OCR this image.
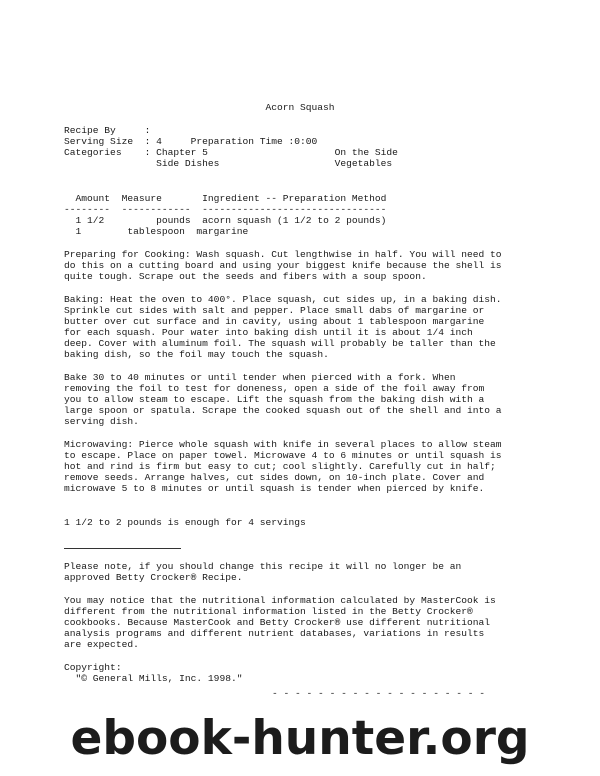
Acorn Squash

Recipe By     :
Serving Size  : 4     Preparation Time :0:00
Categories    : Chapter 5                      On the Side
Side Dishes                    Vegetables
Amount  Measure       Ingredient -- Preparation Method
--------  ------------  --------------------------------
1 1/2         pounds  acorn squash (1 1/2 to 2 pounds)
1        tablespoon  margarine

Preparing for Cooking: Wash squash. Cut lengthwise in half. You will need to do this on a cutting board and using your biggest knife because the shell is quite tough. Scrape out the seeds and fibers with a soup spoon.

Baking: Heat the oven to 400°. Place squash, cut sides up, in a baking dish. Sprinkle cut sides with salt and pepper. Place small dabs of margarine or butter over cut surface and in cavity, using about 1 tablespoon margarine for each squash. Pour water into baking dish until it is about 1/4 inch deep. Cover with aluminum foil. The squash will probably be taller than the baking dish, so the foil may touch the squash.

Bake 30 to 40 minutes or until tender when pierced with a fork. When removing the foil to test for doneness, open a side of the foil away from you to allow steam to escape. Lift the squash from the baking dish with a large spoon or spatula. Scrape the cooked squash out of the shell and into a serving dish.

Microwaving: Pierce whole squash with knife in several places to allow steam to escape. Place on paper towel. Microwave 4 to 6 minutes or until squash is hot and rind is firm but easy to cut; cool slightly. Carefully cut in half; remove seeds. Arrange halves, cut sides down, on 10-inch plate. Cover and microwave 5 to 8 minutes or until squash is tender when pierced by knife.

1 1/2 to 2 pounds is enough for 4 servings

Please note, if you should change this recipe it will no longer be an approved Betty Crocker® Recipe.

You may notice that the nutritional information calculated by MasterCook is different from the nutritional information listed in the Betty Crocker® cookbooks. Because MasterCook and Betty Crocker® use different nutritional analysis programs and different nutrient databases, variations in results are expected.

Copyright:
"© General Mills, Inc. 1998."
- - - - - - - - - - - - - - - - - - -

ebook-hunter.org
